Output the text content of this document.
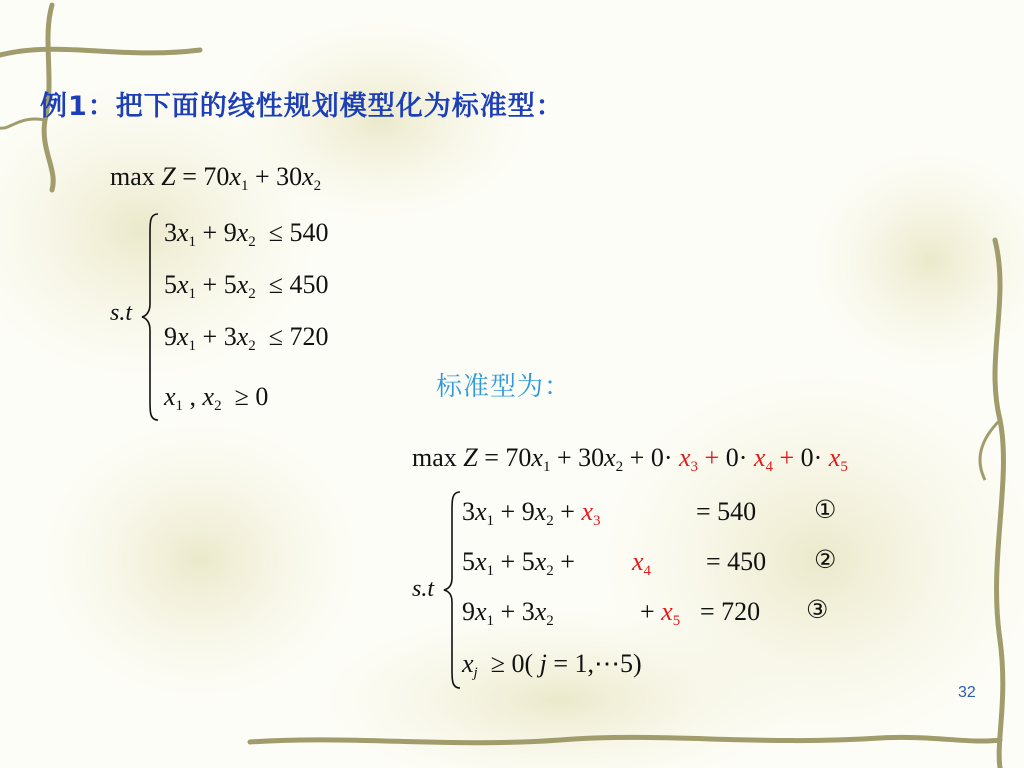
例1：把下面的线性规划模型化为标准型：
$\max Z = 70x_1 + 30x_2$
s.t
$3x_1 + 9x_2 \le 540$
$5x_1 + 5x_2 \le 450$
$9x_1 + 3x_2 \le 720$
$x_1$ , $x_2 \ge 0$	标准型为：
$\max Z = 70x_1 + 30x_2 + 0\cdot x_3 + 0\cdot x_4 + 0\cdot x_5$
s.t
$3x_1 + 9x_2 + x_3$	= 540 ①
$5x_1 + 5x_2 + x_4 = 450$ ②
$9x_1 + 3x_2$	+ $x_5 = 720$ ③
$x_j \ge 0$( j = 1,⋯5)
32
